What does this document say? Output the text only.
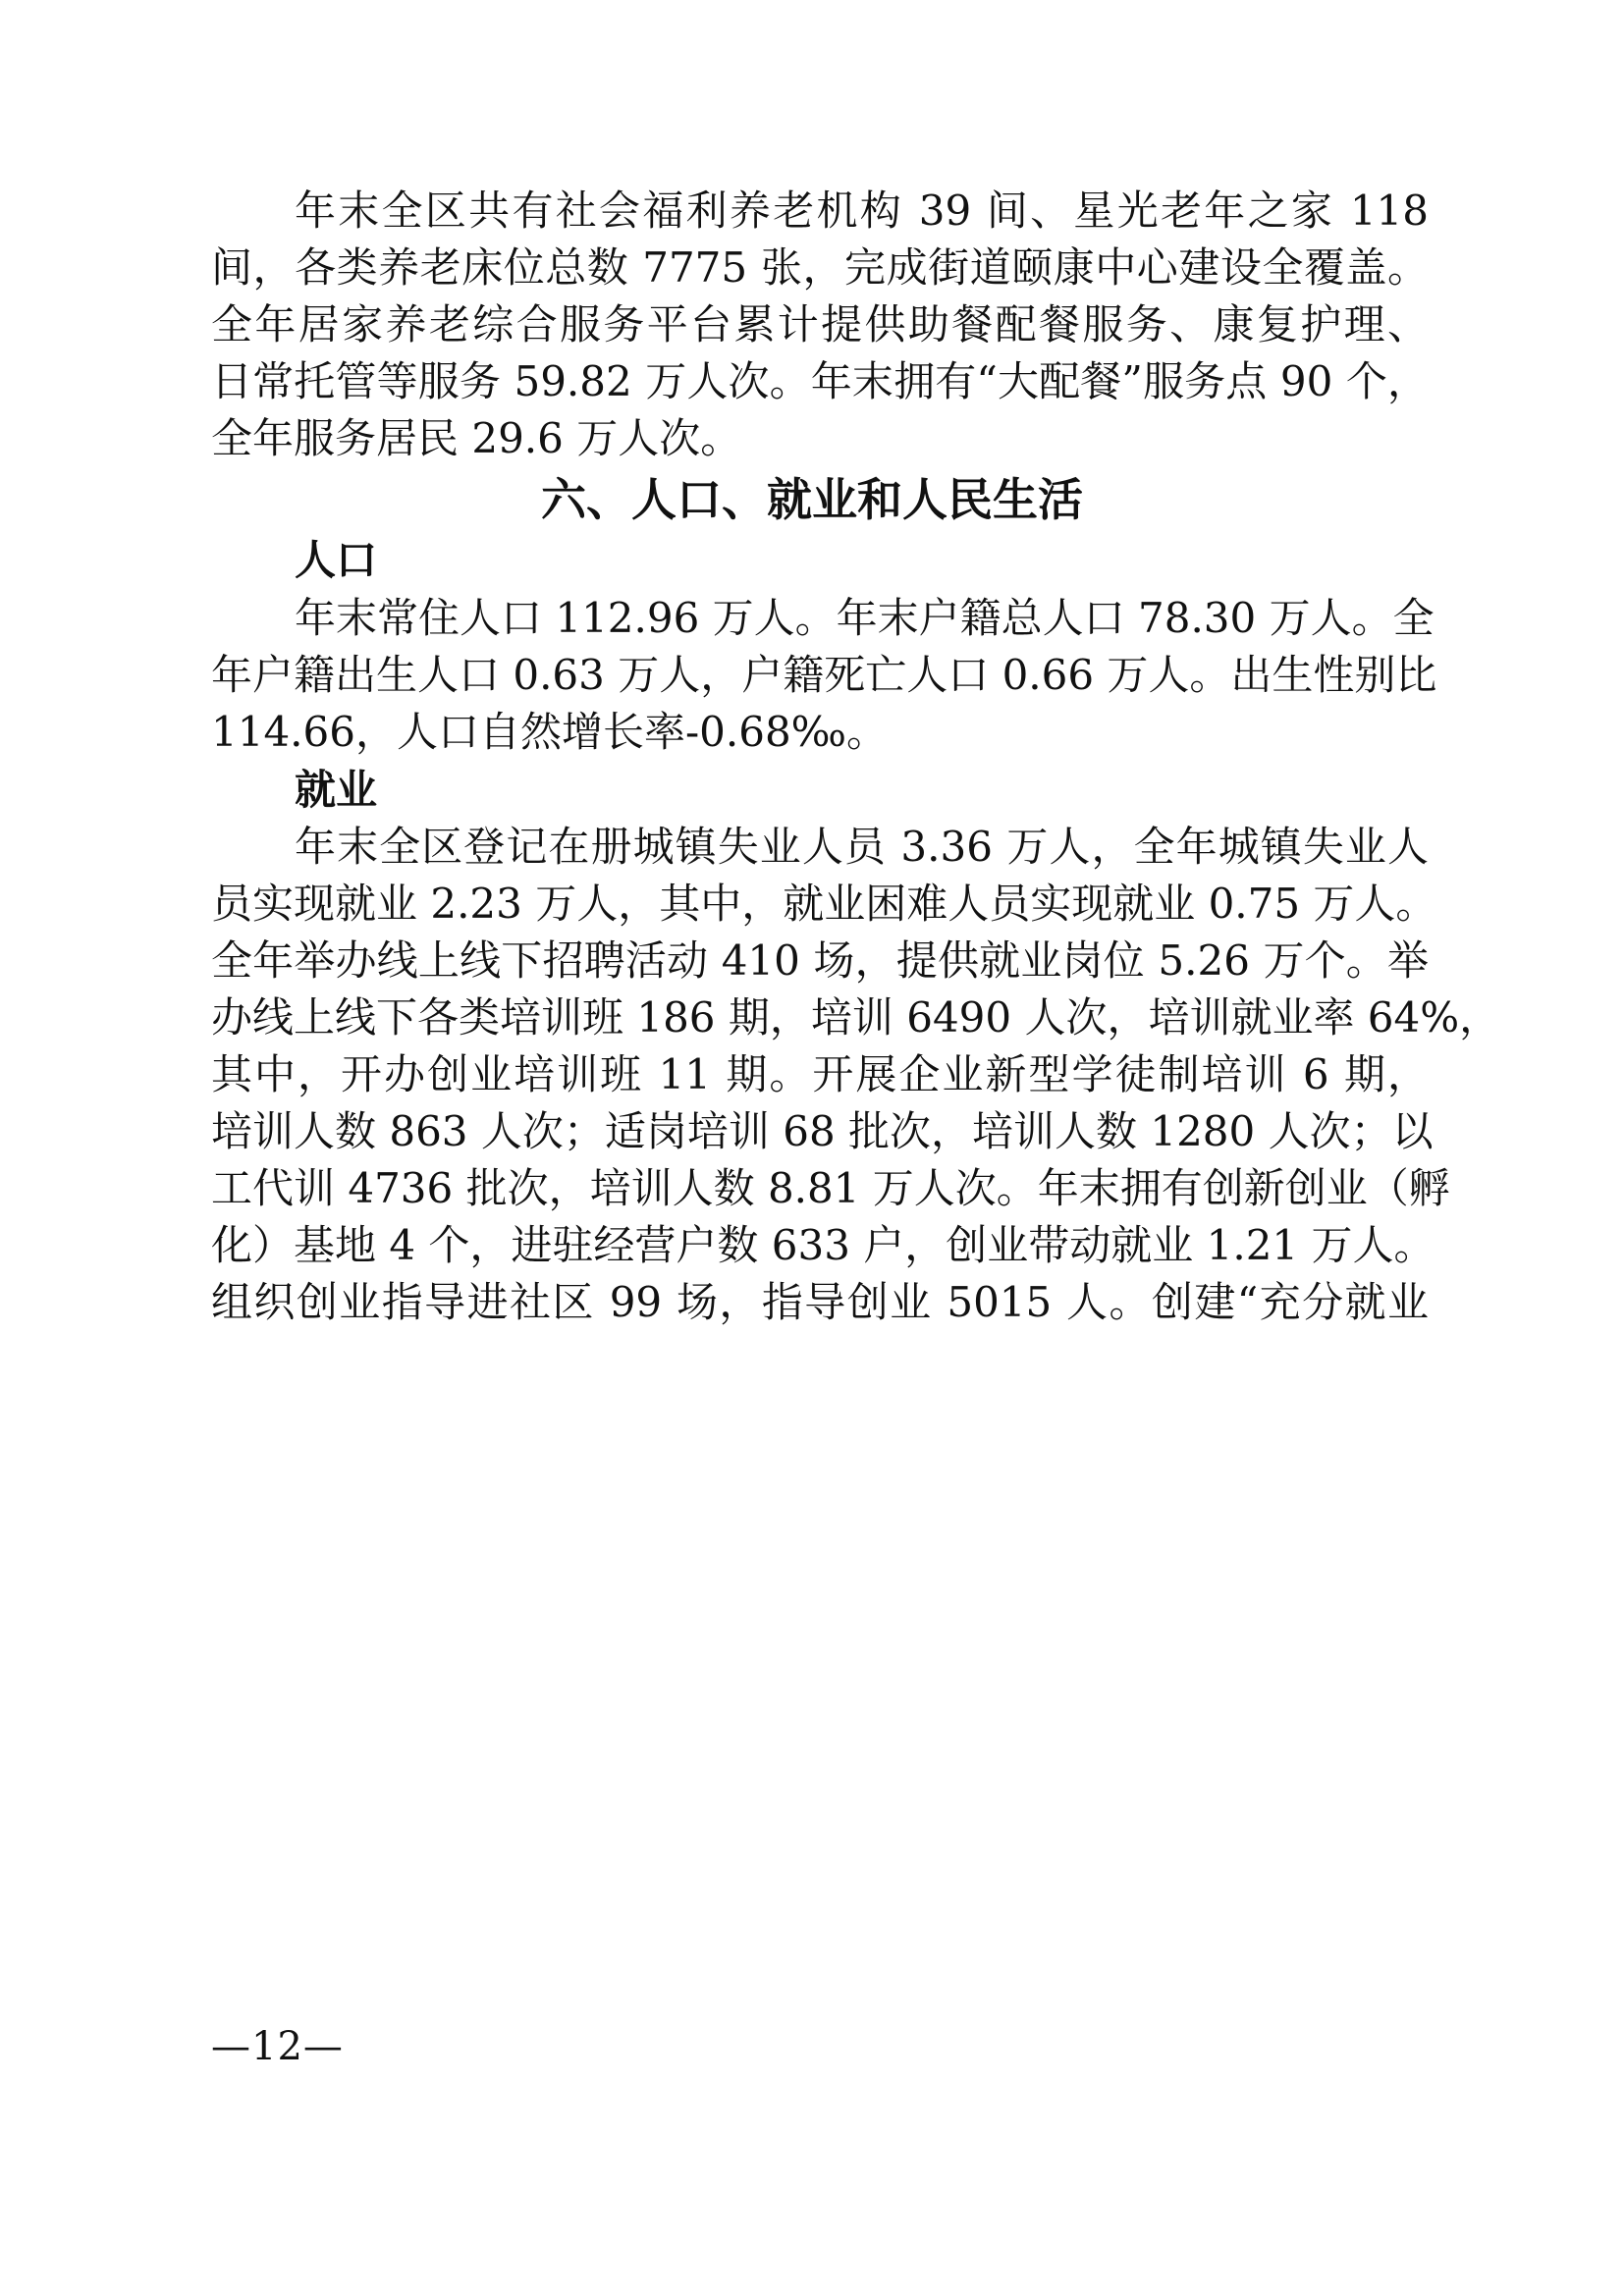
年末全区共有社会福利养老机构 39 间、星光老年之家 118
间，各类养老床位总数 7775 张，完成街道颐康中心建设全覆盖。
全年居家养老综合服务平台累计提供助餐配餐服务、康复护理、
日常托管等服务 59.82 万人次。年末拥有“大配餐”服务点 90 个，
全年服务居民 29.6 万人次。
六、人口、就业和人民生活
人口
年末常住人口 112.96 万人。年末户籍总人口 78.30 万人。全
年户籍出生人口 0.63 万人，户籍死亡人口 0.66 万人。出生性别比
114.66，人口自然增长率-0.68‰。
就业
年末全区登记在册城镇失业人员 3.36 万人，全年城镇失业人
员实现就业 2.23 万人，其中，就业困难人员实现就业 0.75 万人。
全年举办线上线下招聘活动 410 场，提供就业岗位 5.26 万个。举
办线上线下各类培训班 186 期，培训 6490 人次，培训就业率 64%，
其中，开办创业培训班 11 期。开展企业新型学徒制培训 6 期，
培训人数 863 人次；适岗培训 68 批次，培训人数 1280 人次；以
工代训 4736 批次，培训人数 8.81 万人次。年末拥有创新创业（孵
化）基地 4 个，进驻经营户数 633 户，创业带动就业 1.21 万人。
组织创业指导进社区 99 场，指导创业 5015 人。创建“充分就业
—12—
